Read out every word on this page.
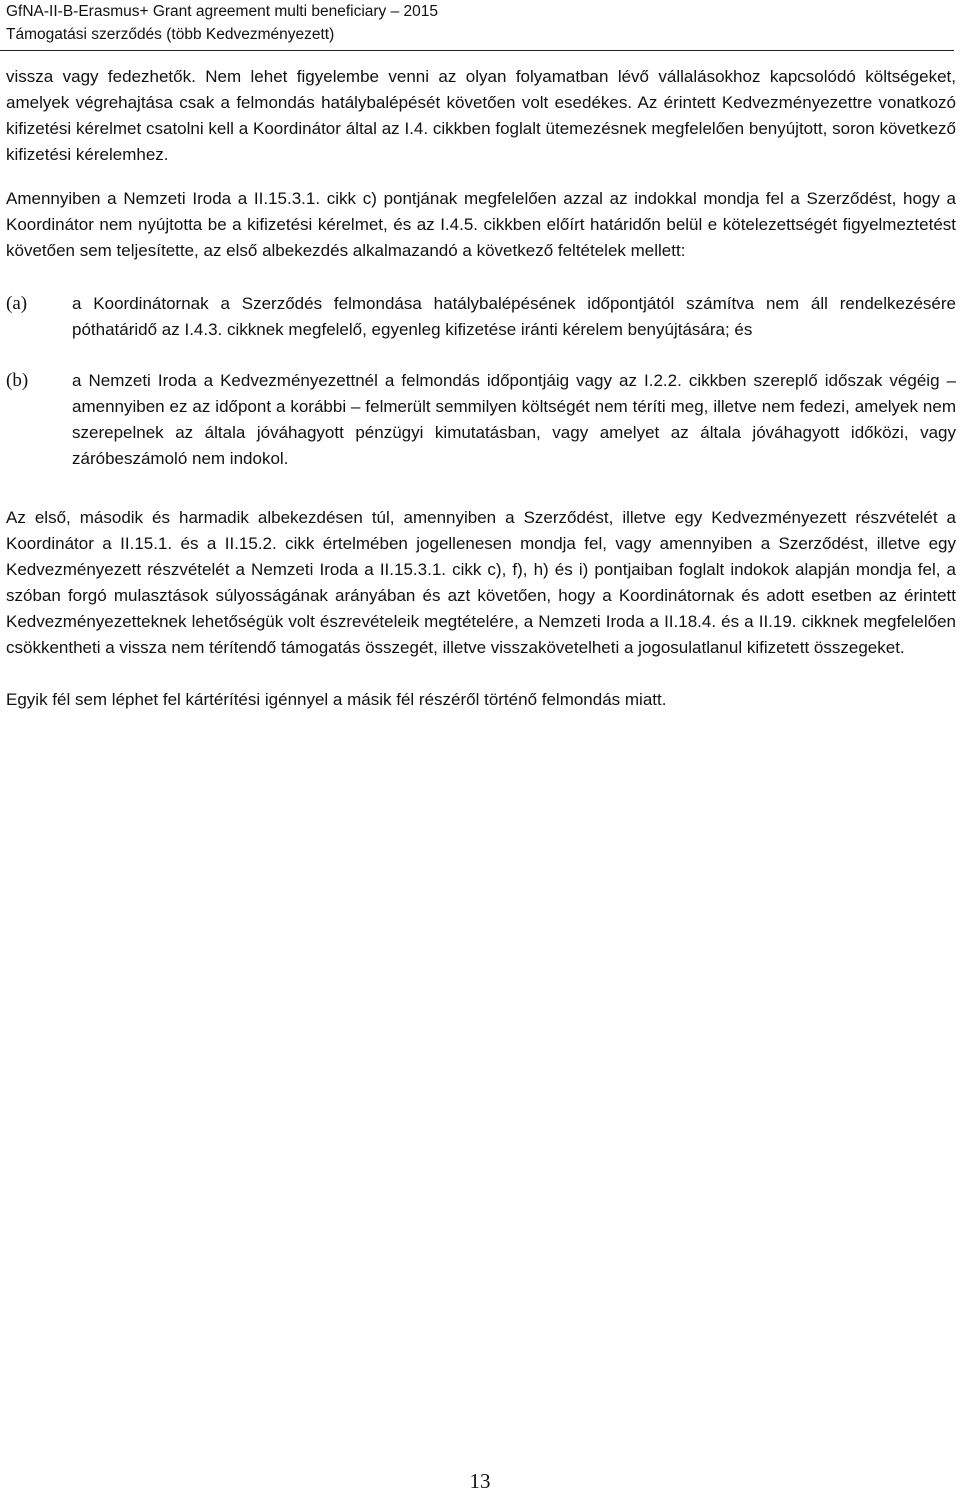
GfNA-II-B-Erasmus+ Grant agreement multi beneficiary – 2015
Támogatási szerződés (több Kedvezményezett)

vissza vagy fedezhetők. Nem lehet figyelembe venni az olyan folyamatban lévő vállalásokhoz kapcsolódó költségeket, amelyek végrehajtása csak a felmondás hatálybalépését követően volt esedékes. Az érintett Kedvezményezettre vonatkozó kifizetési kérelmet csatolni kell a Koordinátor által az I.4. cikkben foglalt ütemezésnek megfelelően benyújtott, soron következő kifizetési kérelemhez.

Amennyiben a Nemzeti Iroda a II.15.3.1. cikk c) pontjának megfelelően azzal az indokkal mondja fel a Szerződést, hogy a Koordinátor nem nyújtotta be a kifizetési kérelmet, és az I.4.5. cikkben előírt határidőn belül e kötelezettségét figyelmeztetést követően sem teljesítette, az első albekezdés alkalmazandó a következő feltételek mellett:

(a)	a Koordinátornak a Szerződés felmondása hatálybalépésének időpontjától számítva nem áll rendelkezésére póthatáridő az I.4.3. cikknek megfelelő, egyenleg kifizetése iránti kérelem benyújtására; és

(b)	a Nemzeti Iroda a Kedvezményezettnél a felmondás időpontjáig vagy az I.2.2. cikkben szereplő időszak végéig – amennyiben ez az időpont a korábbi – felmerült semmilyen költségét nem téríti meg, illetve nem fedezi, amelyek nem szerepelnek az általa jóváhagyott pénzügyi kimutatásban, vagy amelyet az általa jóváhagyott időközi, vagy záróbeszámoló nem indokol.

Az első, második és harmadik albekezdésen túl, amennyiben a Szerződést, illetve egy Kedvezményezett részvételét a Koordinátor a II.15.1. és a II.15.2. cikk értelmében jogellenesen mondja fel, vagy amennyiben a Szerződést, illetve egy Kedvezményezett részvételét a Nemzeti Iroda a II.15.3.1. cikk c), f), h) és i) pontjaiban foglalt indokok alapján mondja fel, a szóban forgó mulasztások súlyosságának arányában és azt követően, hogy a Koordinátornak és adott esetben az érintett Kedvezményezetteknek lehetőségük volt észrevételeik megtételére, a Nemzeti Iroda a II.18.4. és a II.19. cikknek megfelelően csökkentheti a vissza nem térítendő támogatás összegét, illetve visszakövetelheti a jogosulatlanul kifizetett összegeket.

Egyik fél sem léphet fel kártérítési igénnyel a másik fél részéről történő felmondás miatt.

13
